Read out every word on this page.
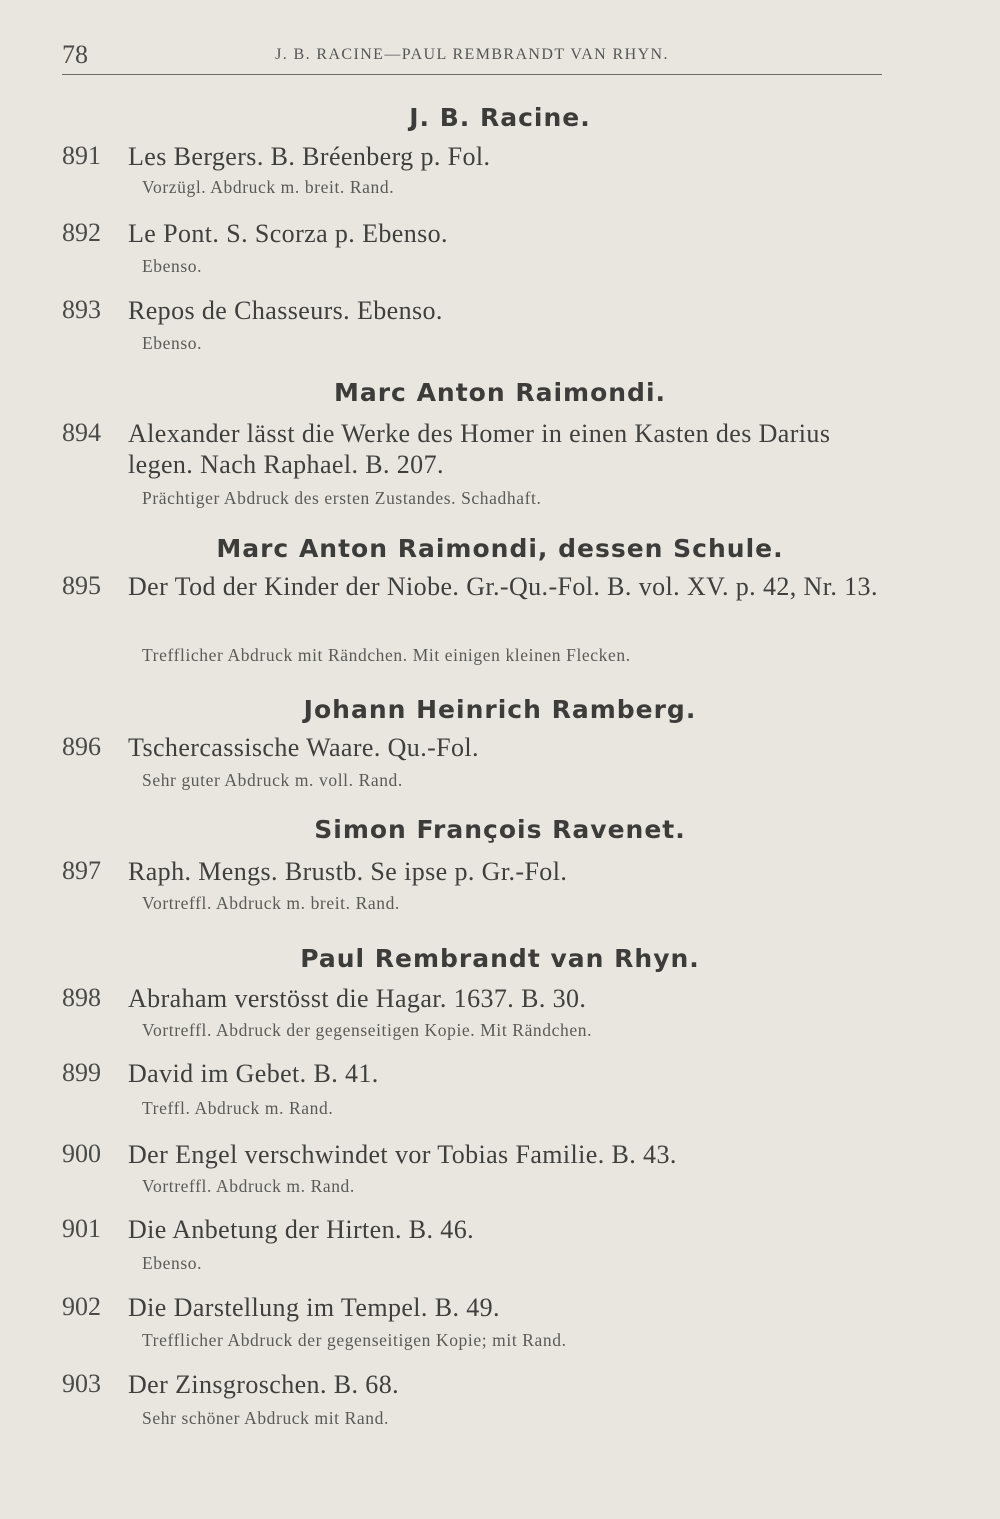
78	J. B. RACINE—PAUL REMBRANDT VAN RHYN.
J. B. Racine.
891 Les Bergers. B. Bréenberg p. Fol.
Vorzügl. Abdruck m. breit. Rand.
892 Le Pont. S. Scorza p. Ebenso.
Ebenso.
893 Repos de Chasseurs. Ebenso.
Ebenso.
Marc Anton Raimondi.
894 Alexander lässt die Werke des Homer in einen Kasten des Darius legen. Nach Raphael. B. 207.
Prächtiger Abdruck des ersten Zustandes. Schadhaft.
Marc Anton Raimondi, dessen Schule.
895 Der Tod der Kinder der Niobe. Gr.-Qu.-Fol. B. vol. XV. p. 42, Nr. 13.
Trefflicher Abdruck mit Rändchen. Mit einigen kleinen Flecken.
Johann Heinrich Ramberg.
896 Tschercassische Waare. Qu.-Fol.
Sehr guter Abdruck m. voll. Rand.
Simon François Ravenet.
897 Raph. Mengs. Brustb. Se ipse p. Gr.-Fol.
Vortreffl. Abdruck m. breit. Rand.
Paul Rembrandt van Rhyn.
898 Abraham verstösst die Hagar. 1637. B. 30.
Vortreffl. Abdruck der gegenseitigen Kopie. Mit Rändchen.
899 David im Gebet. B. 41.
Treffl. Abdruck m. Rand.
900 Der Engel verschwindet vor Tobias Familie. B. 43.
Vortreffl. Abdruck m. Rand.
901 Die Anbetung der Hirten. B. 46.
Ebenso.
902 Die Darstellung im Tempel. B. 49.
Trefflicher Abdruck der gegenseitigen Kopie; mit Rand.
903 Der Zinsgroschen. B. 68.
Sehr schöner Abdruck mit Rand.
